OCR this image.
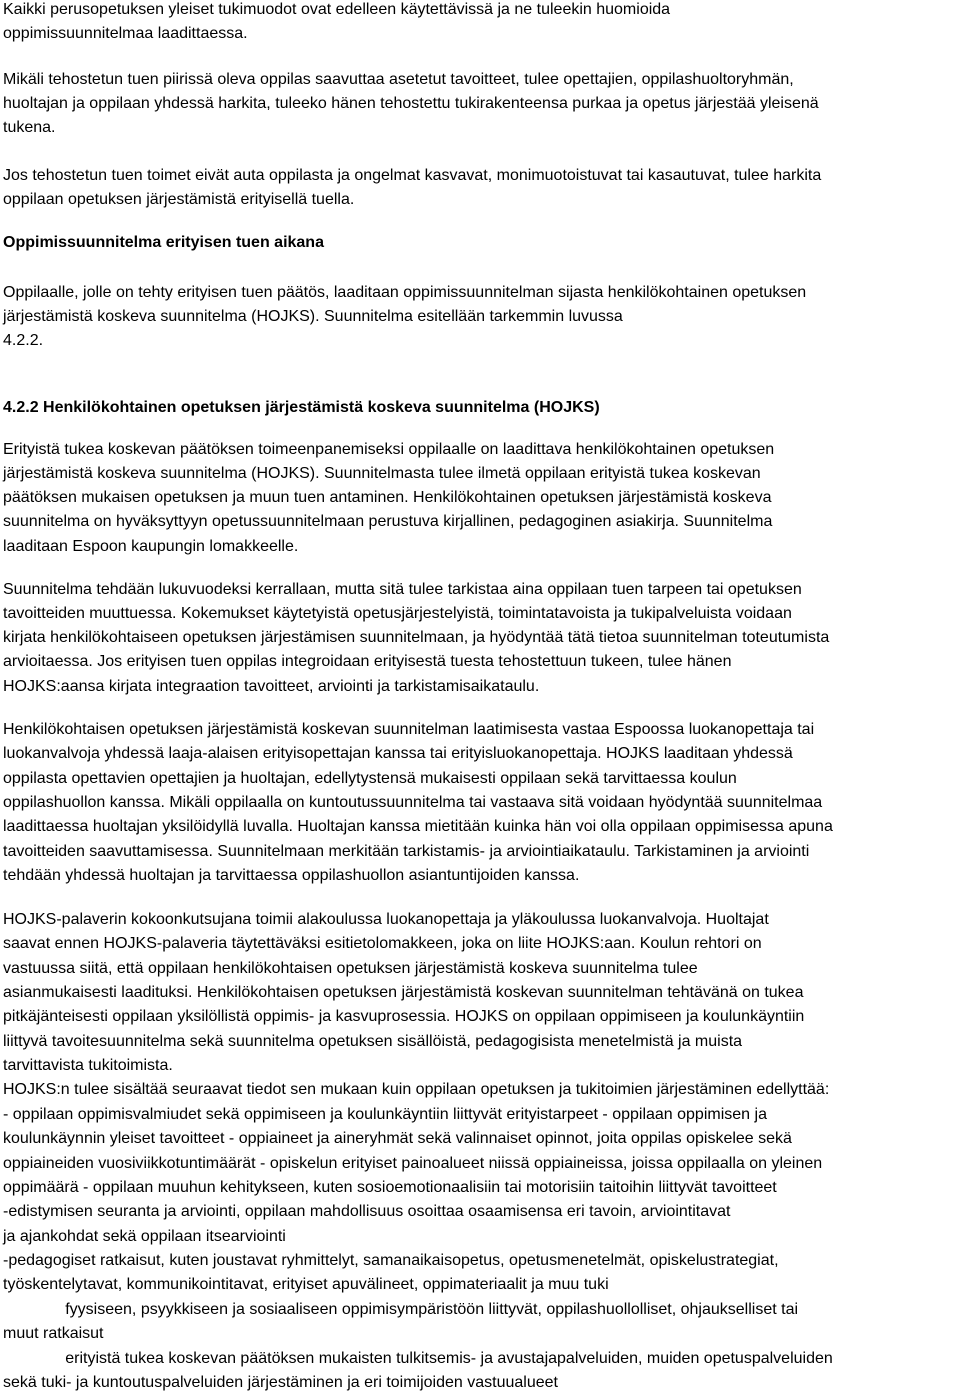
Kaikki perusopetuksen yleiset tukimuodot ovat edelleen käytettävissä ja ne tuleekin huomioida
oppimissuunnitelmaa laadittaessa.
Mikäli tehostetun tuen piirissä oleva oppilas saavuttaa asetetut tavoitteet, tulee opettajien, oppilashuoltoryhmän,
huoltajan ja oppilaan yhdessä harkita, tuleeko hänen tehostettu tukirakenteensa purkaa ja opetus järjestää yleisenä
tukena.
Jos tehostetun tuen toimet eivät auta oppilasta ja ongelmat kasvavat, monimuotoistuvat tai kasautuvat, tulee harkita
oppilaan opetuksen järjestämistä erityisellä tuella.
Oppimissuunnitelma erityisen tuen aikana
Oppilaalle, jolle on tehty erityisen tuen päätös, laaditaan oppimissuunnitelman sijasta henkilökohtainen opetuksen
järjestämistä koskeva suunnitelma (HOJKS). Suunnitelma esitellään tarkemmin luvussa
4.2.2.
4.2.2 Henkilökohtainen opetuksen järjestämistä koskeva suunnitelma (HOJKS)
Erityistä tukea koskevan päätöksen toimeenpanemiseksi oppilaalle on laadittava henkilökohtainen opetuksen
järjestämistä koskeva suunnitelma (HOJKS). Suunnitelmasta tulee ilmetä oppilaan erityistä tukea koskevan
päätöksen mukaisen opetuksen ja muun tuen antaminen. Henkilökohtainen opetuksen järjestämistä koskeva
suunnitelma on hyväksyttyyn opetussuunnitelmaan perustuva kirjallinen, pedagoginen asiakirja. Suunnitelma
laaditaan Espoon kaupungin lomakkeelle.
Suunnitelma tehdään lukuvuodeksi kerrallaan, mutta sitä tulee tarkistaa aina oppilaan tuen tarpeen tai opetuksen
tavoitteiden muuttuessa. Kokemukset käytetyistä opetusjärjestelyistä, toimintatavoista ja tukipalveluista voidaan
kirjata henkilökohtaiseen opetuksen järjestämisen suunnitelmaan, ja hyödyntää tätä tietoa suunnitelman toteutumista
arvioitaessa. Jos erityisen tuen oppilas integroidaan erityisestä tuesta tehostettuun tukeen, tulee hänen
HOJKS:aansa kirjata integraation tavoitteet, arviointi ja tarkistamisaikataulu.
Henkilökohtaisen opetuksen järjestämistä koskevan suunnitelman laatimisesta vastaa Espoossa luokanopettaja tai
luokanvalvoja yhdessä laaja-alaisen erityisopettajan kanssa tai erityisluokanopettaja. HOJKS laaditaan yhdessä
oppilasta opettavien opettajien ja huoltajan, edellytystensä mukaisesti oppilaan sekä tarvittaessa koulun
oppilashuollon kanssa. Mikäli oppilaalla on kuntoutussuunnitelma tai vastaava sitä voidaan hyödyntää suunnitelmaa
laadittaessa huoltajan yksilöidyllä luvalla. Huoltajan kanssa mietitään kuinka hän voi olla oppilaan oppimisessa apuna
tavoitteiden saavuttamisessa. Suunnitelmaan merkitään tarkistamis- ja arviointiaikataulu. Tarkistaminen ja arviointi
tehdään yhdessä huoltajan ja tarvittaessa oppilashuollon asiantuntijoiden kanssa.
HOJKS-palaverin kokoonkutsujana toimii alakoulussa luokanopettaja ja yläkoulussa luokanvalvoja. Huoltajat
saavat ennen HOJKS-palaveria täytettäväksi esitietolomakkeen, joka on liite HOJKS:aan. Koulun rehtori on
vastuussa siitä, että oppilaan henkilökohtaisen opetuksen järjestämistä koskeva suunnitelma tulee
asianmukaisesti laadituksi. Henkilökohtaisen opetuksen järjestämistä koskevan suunnitelman tehtävänä on tukea
pitkäjänteisesti oppilaan yksilöllistä oppimis- ja kasvuprosessia. HOJKS on oppilaan oppimiseen ja koulunkäyntiin
liittyvä tavoitesuunnitelma sekä suunnitelma opetuksen sisällöistä, pedagogisista menetelmistä ja muista
tarvittavista tukitoimista.
HOJKS:n tulee sisältää seuraavat tiedot sen mukaan kuin oppilaan opetuksen ja tukitoimien järjestäminen edellyttää:
- oppilaan oppimisvalmiudet sekä oppimiseen ja koulunkäyntiin liittyvät erityistarpeet - oppilaan oppimisen ja
koulunkäynnin yleiset tavoitteet - oppiaineet ja aineryhmät sekä valinnaiset opinnot, joita oppilas opiskelee sekä
oppiaineiden vuosiviikkotuntimäärät - opiskelun erityiset painoalueet niissä oppiaineissa, joissa oppilaalla on yleinen
oppimäärä - oppilaan muuhun kehitykseen, kuten sosioemotionaalisiin tai motorisiin taitoihin liittyvät tavoitteet
-edistymisen seuranta ja arviointi, oppilaan mahdollisuus osoittaa osaamisensa eri tavoin, arviointitavat
ja ajankohdat sekä oppilaan itsearviointi
-pedagogiset ratkaisut, kuten joustavat ryhmittelyt, samanaikaisopetus, opetusmenetelmät, opiskelustrategiat,
työskentelytavat, kommunikointitavat, erityiset apuvälineet, oppimateriaalit ja muu tuki
fyysiseen, psyykkiseen ja sosiaaliseen oppimisympäristöön liittyvät, oppilashuollolliset, ohjaukselliset tai
muut ratkaisut
erityistä tukea koskevan päätöksen mukaisten tulkitsemis- ja avustajapalveluiden, muiden opetuspalveluiden
sekä tuki- ja kuntoutuspalveluiden järjestäminen ja eri toimijoiden vastuualueet
